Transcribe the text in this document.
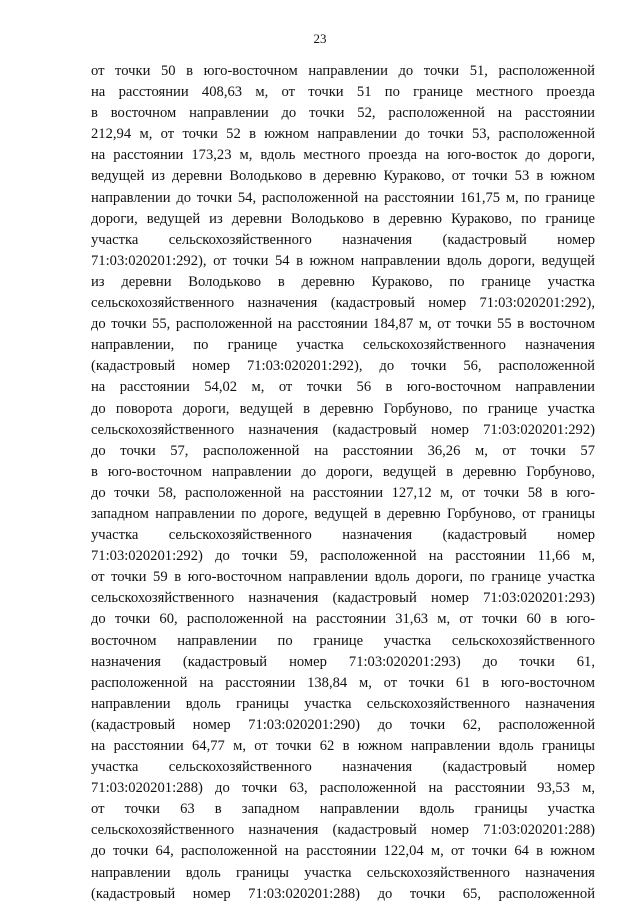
23
от точки 50 в юго-восточном направлении до точки 51, расположенной
на расстоянии 408,63 м, от точки 51 по границе местного проезда
в восточном направлении до точки 52, расположенной на расстоянии
212,94 м, от точки 52 в южном направлении до точки 53, расположенной
на расстоянии 173,23 м, вдоль местного проезда на юго-восток до дороги,
ведущей из деревни Володьково в деревню Кураково, от точки 53 в южном
направлении до точки 54, расположенной на расстоянии 161,75 м, по границе
дороги, ведущей из деревни Володьково в деревню Кураково, по границе
участка сельскохозяйственного назначения (кадастровый номер
71:03:020201:292), от точки 54 в южном направлении вдоль дороги, ведущей
из деревни Володьково в деревню Кураково, по границе участка
сельскохозяйственного назначения (кадастровый номер 71:03:020201:292),
до точки 55, расположенной на расстоянии 184,87 м, от точки 55 в восточном
направлении, по границе участка сельскохозяйственного назначения
(кадастровый номер 71:03:020201:292), до точки 56, расположенной
на расстоянии 54,02 м, от точки 56 в юго-восточном направлении
до поворота дороги, ведущей в деревню Горбуново, по границе участка
сельскохозяйственного назначения (кадастровый номер 71:03:020201:292)
до точки 57, расположенной на расстоянии 36,26 м, от точки 57
в юго-восточном направлении до дороги, ведущей в деревню Горбуново,
до точки 58, расположенной на расстоянии 127,12 м, от точки 58 в юго-
западном направлении по дороге, ведущей в деревню Горбуново, от границы
участка сельскохозяйственного назначения (кадастровый номер
71:03:020201:292) до точки 59, расположенной на расстоянии 11,66 м,
от точки 59 в юго-восточном направлении вдоль дороги, по границе участка
сельскохозяйственного назначения (кадастровый номер 71:03:020201:293)
до точки 60, расположенной на расстоянии 31,63 м, от точки 60 в юго-
восточном направлении по границе участка сельскохозяйственного
назначения (кадастровый номер 71:03:020201:293) до точки 61,
расположенной на расстоянии 138,84 м, от точки 61 в юго-восточном
направлении вдоль границы участка сельскохозяйственного назначения
(кадастровый номер 71:03:020201:290) до точки 62, расположенной
на расстоянии 64,77 м, от точки 62 в южном направлении вдоль границы
участка сельскохозяйственного назначения (кадастровый номер
71:03:020201:288) до точки 63, расположенной на расстоянии 93,53 м,
от точки 63 в западном направлении вдоль границы участка
сельскохозяйственного назначения (кадастровый номер 71:03:020201:288)
до точки 64, расположенной на расстоянии 122,04 м, от точки 64 в южном
направлении вдоль границы участка сельскохозяйственного назначения
(кадастровый номер 71:03:020201:288) до точки 65, расположенной
